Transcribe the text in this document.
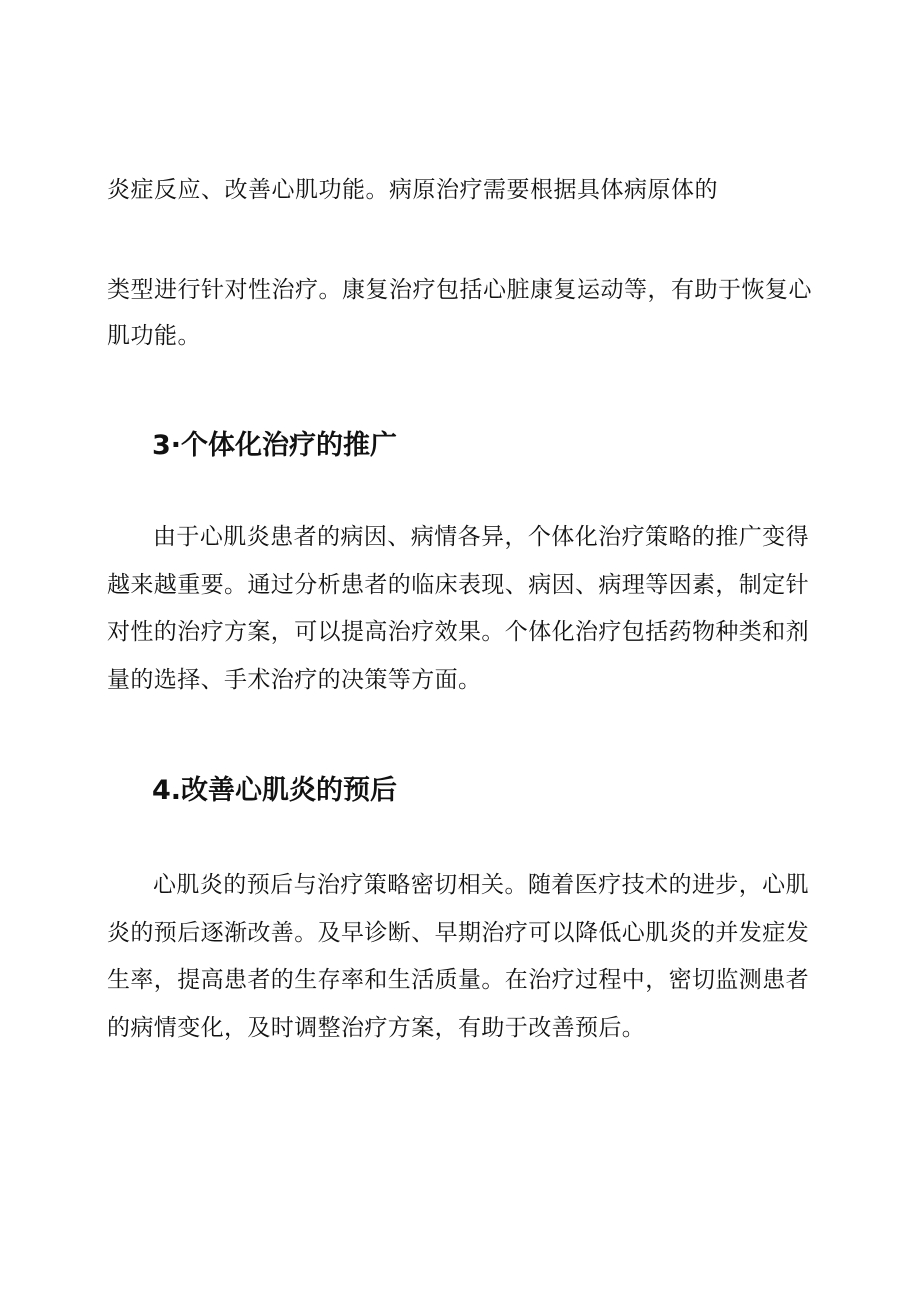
炎症反应、改善心肌功能。病原治疗需要根据具体病原体的
类型进行针对性治疗。康复治疗包括心脏康复运动等，有助于恢复心
肌功能。
3·个体化治疗的推广

由于心肌炎患者的病因、病情各异，个体化治疗策略的推广变得越来越重要。通过分析患者的临床表现、病因、病理等因素，制定针对性的治疗方案，可以提高治疗效果。个体化治疗包括药物种类和剂量的选择、手术治疗的决策等方面。

4.改善心肌炎的预后

心肌炎的预后与治疗策略密切相关。随着医疗技术的进步，心肌炎的预后逐渐改善。及早诊断、早期治疗可以降低心肌炎的并发症发生率，提高患者的生存率和生活质量。在治疗过程中，密切监测患者的病情变化，及时调整治疗方案，有助于改善预后。
